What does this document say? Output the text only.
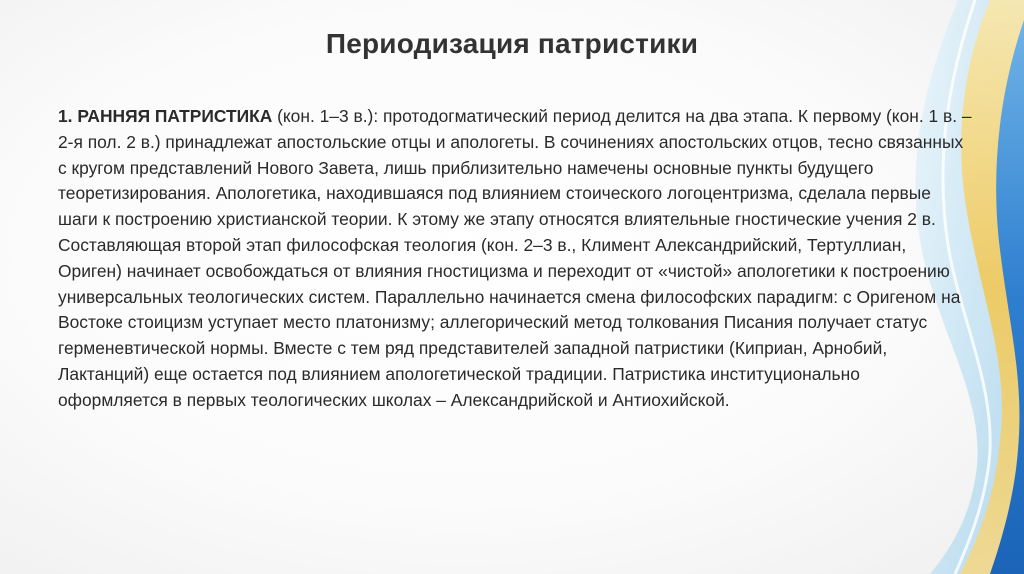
Периодизация патристики

1. РАННЯЯ ПАТРИСТИКА (кон. 1–3 в.): протодогматический период делится на два этапа. К первому (кон. 1 в. – 2-я пол. 2 в.) принадлежат апостольские отцы и апологеты. В сочинениях апостольских отцов, тесно связанных с кругом представлений Нового Завета, лишь приблизительно намечены основные пункты будущего теоретизирования. Апологетика, находившаяся под влиянием стоического логоцентризма, сделала первые шаги к построению христианской теории. К этому же этапу относятся влиятельные гностические учения 2 в. Составляющая второй этап философская теология (кон. 2–3 в., Климент Александрийский, Тертуллиан, Ориген) начинает освобождаться от влияния гностицизма и переходит от «чистой» апологетики к построению универсальных теологических систем. Параллельно начинается смена философских парадигм: с Оригеном на Востоке стоицизм уступает место платонизму; аллегорический метод толкования Писания получает статус герменевтической нормы. Вместе с тем ряд представителей западной патристики (Киприан, Арнобий, Лактанций) еще остается под влиянием апологетической традиции. Патристика институционально оформляется в первых теологических школах – Александрийской и Антиохийской.
